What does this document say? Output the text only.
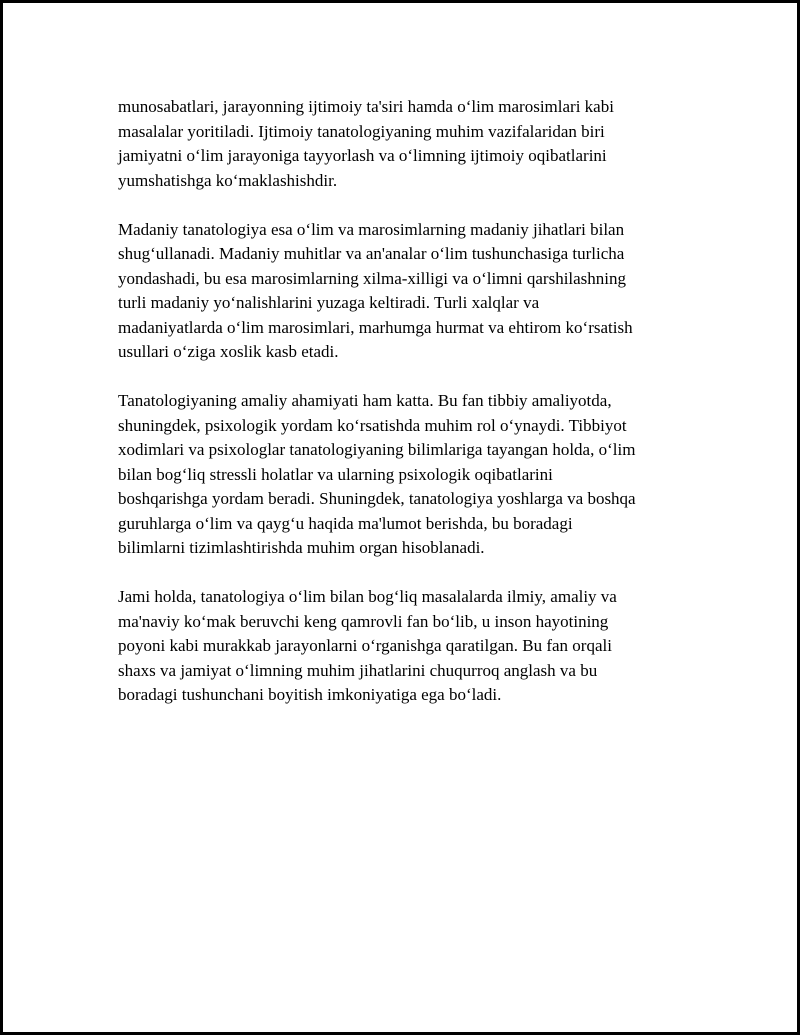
munosabatlari, jarayonning ijtimoiy ta'siri hamda o‘lim marosimlari kabi
masalalar yoritiladi. Ijtimoiy tanatologiyaning muhim vazifalaridan biri
jamiyatni o‘lim jarayoniga tayyorlash va o‘limning ijtimoiy oqibatlarini
yumshatishga ko‘maklashishdir.

Madaniy tanatologiya esa o‘lim va marosimlarning madaniy jihatlari bilan
shug‘ullanadi. Madaniy muhitlar va an'analar o‘lim tushunchasiga turlicha
yondashadi, bu esa marosimlarning xilma-xilligi va o‘limni qarshilashning
turli madaniy yo‘nalishlarini yuzaga keltiradi. Turli xalqlar va
madaniyatlarda o‘lim marosimlari, marhumga hurmat va ehtirom ko‘rsatish
usullari o‘ziga xoslik kasb etadi.

Tanatologiyaning amaliy ahamiyati ham katta. Bu fan tibbiy amaliyotda,
shuningdek, psixologik yordam ko‘rsatishda muhim rol o‘ynaydi. Tibbiyot
xodimlari va psixologlar tanatologiyaning bilimlariga tayangan holda, o‘lim
bilan bog‘liq stressli holatlar va ularning psixologik oqibatlarini
boshqarishga yordam beradi. Shuningdek, tanatologiya yoshlarga va boshqa
guruhlarga o‘lim va qayg‘u haqida ma'lumot berishda, bu boradagi
bilimlarni tizimlashtirishda muhim organ hisoblanadi.

Jami holda, tanatologiya o‘lim bilan bog‘liq masalalarda ilmiy, amaliy va
ma'naviy ko‘mak beruvchi keng qamrovli fan bo‘lib, u inson hayotining
poyoni kabi murakkab jarayonlarni o‘rganishga qaratilgan. Bu fan orqali
shaxs va jamiyat o‘limning muhim jihatlarini chuqurroq anglash va bu
boradagi tushunchani boyitish imkoniyatiga ega bo‘ladi.
